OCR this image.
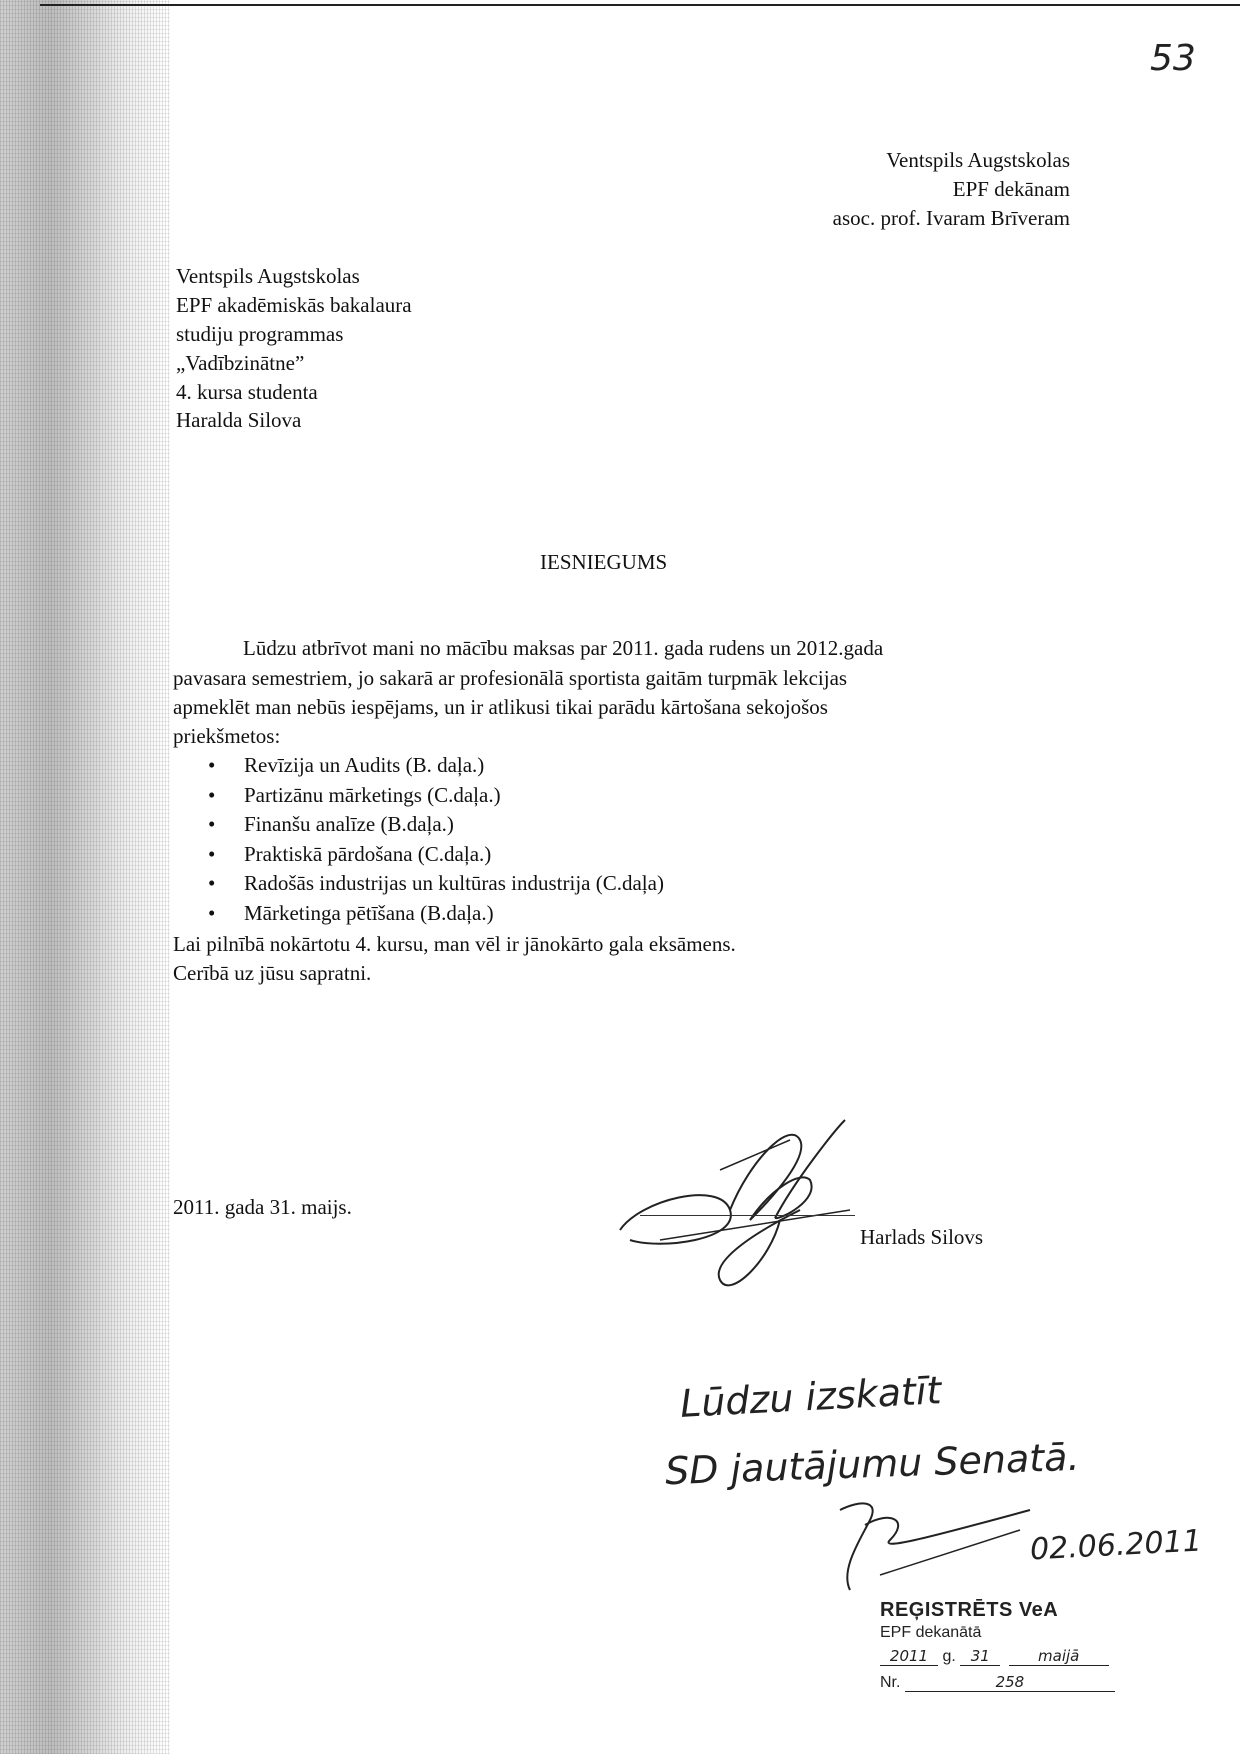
53
Ventspils Augstskolas
EPF dekānam
asoc. prof. Ivaram Brīveram
Ventspils Augstskolas
EPF akadēmiskās bakalaura
studiju programmas
„Vadībzinātne”
4. kursa studenta
Haralda Silova
IESNIEGUMS
Lūdzu atbrīvot mani no mācību maksas par 2011. gada rudens un 2012.gada
pavasara semestriem, jo sakarā ar profesionālā sportista gaitām turpmāk lekcijas
apmeklēt man nebūs iespējams, un ir atlikusi tikai parādu kārtošana sekojošos
priekšmetos:
• Revīzija un Audits (B. daļa.)
• Partizānu mārketings (C.daļa.)
• Finanšu analīze (B.daļa.)
• Praktiskā pārdošana (C.daļa.)
• Radošās industrijas un kultūras industrija (C.daļa)
• Mārketinga pētīšana (B.daļa.)
Lai pilnībā nokārtotu 4. kursu, man vēl ir jānokārto gala eksāmens.
Cerībā uz jūsu sapratni.
2011. gada 31. maijs.
Harlads Silovs
Lūdzu izskatīt
SD jautājumu Senatā.
02.06.2011
REĢISTRĒTS VeA
EPF dekanātā
2011 g. 31	maijā
Nr.	258
